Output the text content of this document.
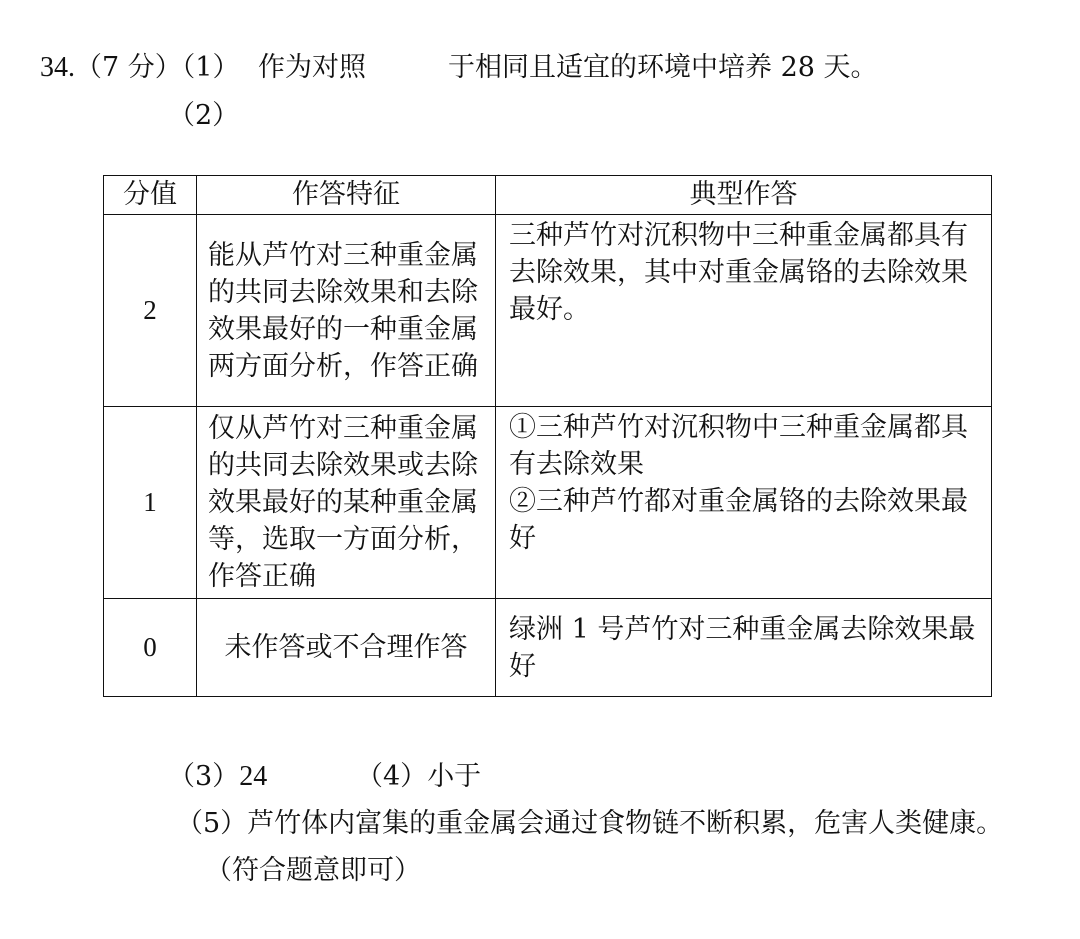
34.（7 分）（1） 作为对照	于相同且适宜的环境中培养 28 天。
（2）
分值	作答特征	典型作答
2	能从芦竹对三种重金属的共同去除效果和去除效果最好的一种重金属两方面分析，作答正确	三种芦竹对沉积物中三种重金属都具有去除效果，其中对重金属铬的去除效果最好。
1	仅从芦竹对三种重金属的共同去除效果或去除效果最好的某种重金属等，选取一方面分析，作答正确	①三种芦竹对沉积物中三种重金属都具有去除效果
②三种芦竹都对重金属铬的去除效果最好

0	未作答或不合理作答	绿洲 1 号芦竹对三种重金属去除效果最好
（3）24	（4）小于
（5）芦竹体内富集的重金属会通过食物链不断积累，危害人类健康。
（符合题意即可）
